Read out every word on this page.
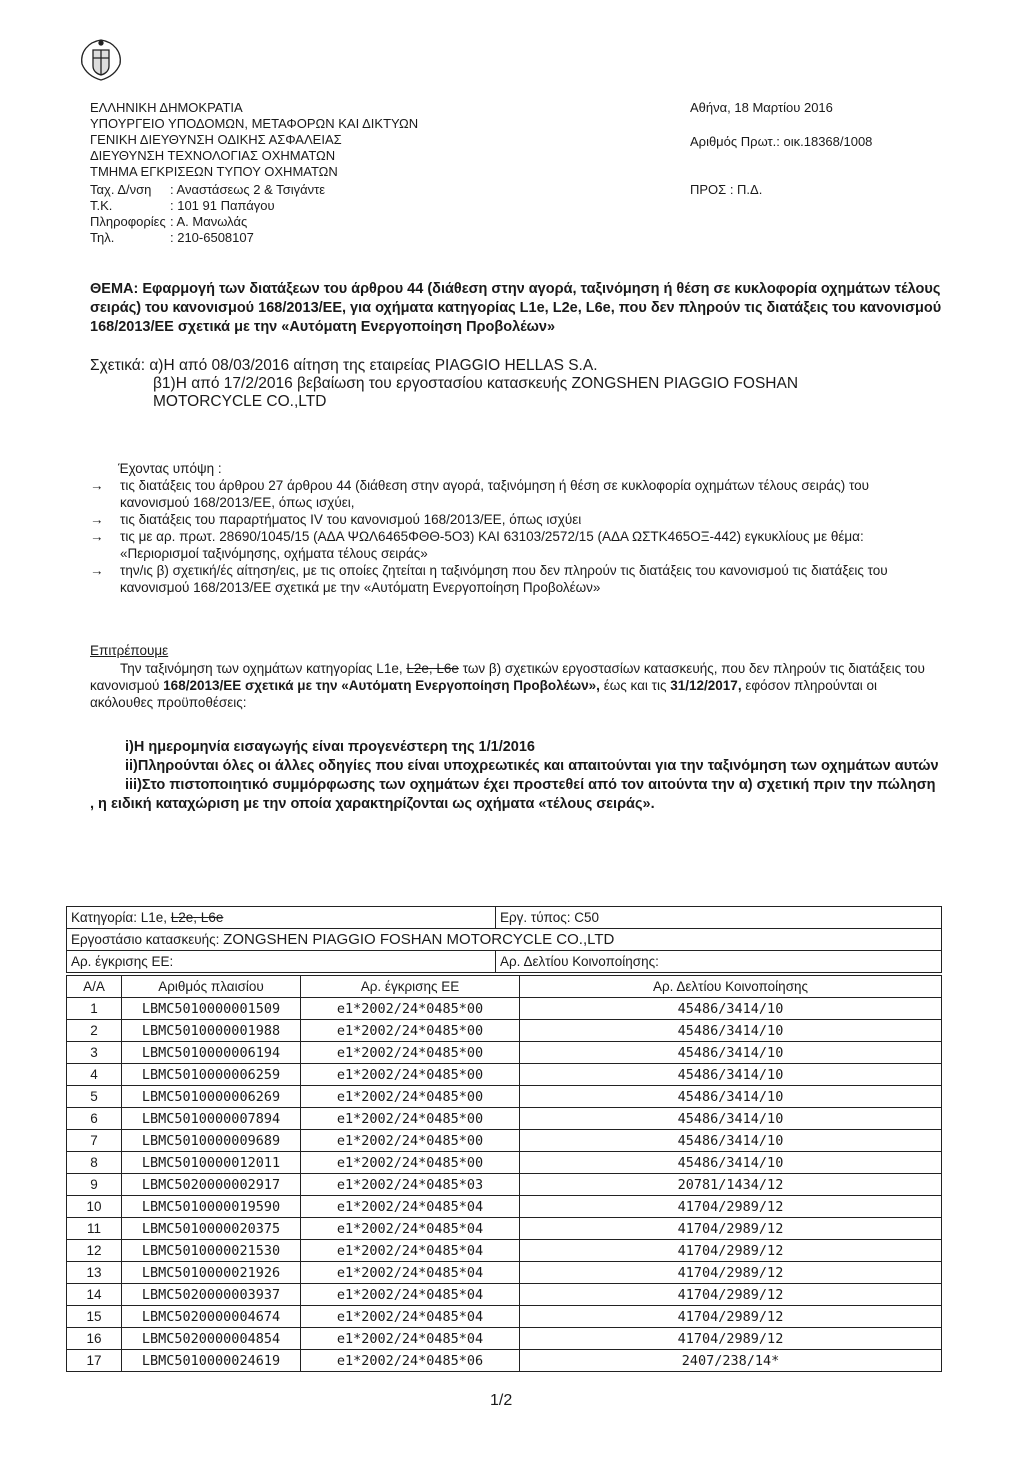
ΕΛΛΗΝΙΚΗ ΔΗΜΟΚΡΑΤΙΑ
ΥΠΟΥΡΓΕΙΟ ΥΠΟΔΟΜΩΝ, ΜΕΤΑΦΟΡΩΝ ΚΑΙ ΔΙΚΤΥΩΝ
ΓΕΝΙΚΗ ΔΙΕΥΘΥΝΣΗ ΟΔΙΚΗΣ ΑΣΦΑΛΕΙΑΣ
ΔΙΕΥΘΥΝΣΗ ΤΕΧΝΟΛΟΓΙΑΣ ΟΧΗΜΑΤΩΝ
ΤΜΗΜΑ ΕΓΚΡΙΣΕΩΝ ΤΥΠΟΥ ΟΧΗΜΑΤΩΝ
Ταχ. Δ/νση	: Αναστάσεως 2 & Τσιγάντε
Τ.Κ.	: 101 91 Παπάγου
Πληροφορίες : Α. Μανωλάς
Τηλ.	: 210-6508107
Αθήνα, 18 Μαρτίου 2016
Αριθμός Πρωτ.: οικ.18368/1008
ΠΡΟΣ : Π.Δ.
ΘΕΜΑ: Εφαρμογή των διατάξεων του άρθρου 44 (διάθεση στην αγορά, ταξινόμηση ή θέση σε κυκλοφορία οχημάτων τέλους σειράς) του κανονισμού 168/2013/ΕΕ, για οχήματα κατηγορίας L1e, L2e, L6e, που δεν πληρούν τις διατάξεις του κανονισμού 168/2013/ΕΕ σχετικά με την «Αυτόματη Ενεργοποίηση Προβολέων»
Σχετικά: α)Η από 08/03/2016 αίτηση της εταιρείας PIAGGIO HELLAS S.A.
β1)Η από 17/2/2016 βεβαίωση του εργοστασίου κατασκευής ZONGSHEN PIAGGIO FOSHAN
MOTORCYCLE CO.,LTD
Έχοντας υπόψη :
→ τις διατάξεις του άρθρου 27 άρθρου 44 (διάθεση στην αγορά, ταξινόμηση ή θέση σε κυκλοφορία οχημάτων τέλους σειράς) του κανονισμού 168/2013/ΕΕ, όπως ισχύει,
→ τις διατάξεις του παραρτήματος IV του κανονισμού 168/2013/ΕΕ, όπως ισχύει
→ τις με αρ. πρωτ. 28690/1045/15 (ΑΔΑ ΨΩΛ6465ΦΘΘ-5Ο3) ΚΑΙ 63103/2572/15 (ΑΔΑ ΩΣΤΚ465ΟΞ-442) εγκυκλίους με θέμα: «Περιορισμοί ταξινόμησης, οχήματα τέλους σειράς»
→ την/ις β) σχετική/ές αίτηση/εις, με τις οποίες ζητείται η ταξινόμηση που δεν πληρούν τις διατάξεις του κανονισμού τις διατάξεις του κανονισμού 168/2013/ΕΕ σχετικά με την «Αυτόματη Ενεργοποίηση Προβολέων»
Επιτρέπουμε
Την ταξινόμηση των οχημάτων κατηγορίας L1e, L2e, L6e των β) σχετικών εργοστασίων κατασκευής, που δεν πληρούν τις διατάξεις του κανονισμού 168/2013/ΕΕ σχετικά με την «Αυτόματη Ενεργοποίηση Προβολέων», έως και τις 31/12/2017, εφόσον πληρούνται οι ακόλουθες προϋποθέσεις:
i)Η ημερομηνία εισαγωγής είναι προγενέστερη της 1/1/2016
ii)Πληρούνται όλες οι άλλες οδηγίες που είναι υποχρεωτικές και απαιτούνται για την ταξινόμηση των οχημάτων αυτών
iii)Στο πιστοποιητικό συμμόρφωσης των οχημάτων έχει προστεθεί από τον αιτούντα την α) σχετική πριν την πώληση , η ειδική καταχώριση με την οποία χαρακτηρίζονται ως οχήματα «τέλους σειράς».
Κατηγορία: L1e, L2e, L6e	Εργ. τύπος: C50
Εργοστάσιο κατασκευής: ZONGSHEN PIAGGIO FOSHAN MOTORCYCLE CO.,LTD	
Αρ. έγκρισης ΕΕ:	Αρ. Δελτίου Κοινοποίησης:
Α/Α	Αριθμός πλαισίου	Αρ. έγκρισης ΕΕ	Αρ. Δελτίου Κοινοποίησης
1	LBMC5010000001509	e1*2002/24*0485*00	45486/3414/10
2	LBMC5010000001988	e1*2002/24*0485*00	45486/3414/10
3	LBMC5010000006194	e1*2002/24*0485*00	45486/3414/10
4	LBMC5010000006259	e1*2002/24*0485*00	45486/3414/10
5	LBMC5010000006269	e1*2002/24*0485*00	45486/3414/10
6	LBMC5010000007894	e1*2002/24*0485*00	45486/3414/10
7	LBMC5010000009689	e1*2002/24*0485*00	45486/3414/10
8	LBMC5010000012011	e1*2002/24*0485*00	45486/3414/10
9	LBMC5020000002917	e1*2002/24*0485*03	20781/1434/12
10	LBMC5010000019590	e1*2002/24*0485*04	41704/2989/12
11	LBMC5010000020375	e1*2002/24*0485*04	41704/2989/12
12	LBMC5010000021530	e1*2002/24*0485*04	41704/2989/12
13	LBMC5010000021926	e1*2002/24*0485*04	41704/2989/12
14	LBMC5020000003937	e1*2002/24*0485*04	41704/2989/12
15	LBMC5020000004674	e1*2002/24*0485*04	41704/2989/12
16	LBMC5020000004854	e1*2002/24*0485*04	41704/2989/12
17	LBMC5010000024619	e1*2002/24*0485*06	2407/238/14*
1/2
